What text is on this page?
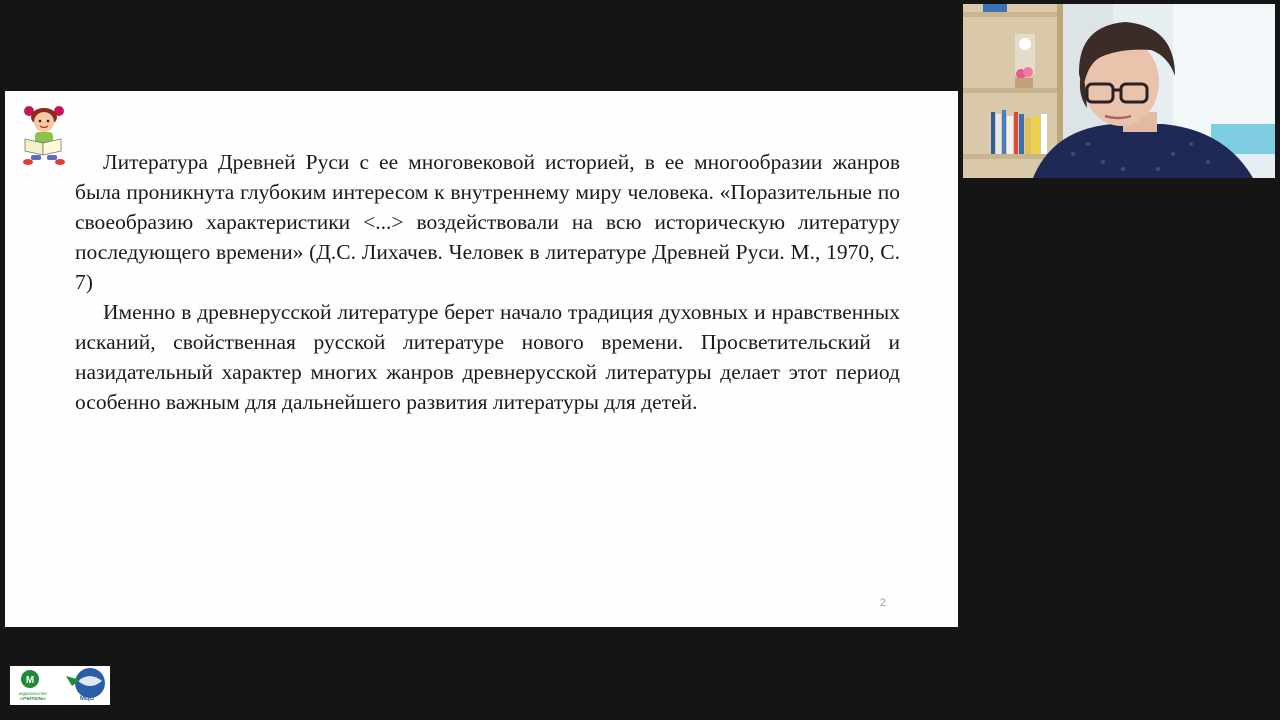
Литература Древней Руси с ее многовековой историей, в ее многообразии жанров была проникнута глубоким интересом к внутреннему миру человека. «Поразительные по своеобразию характеристики <...> воздействовали на всю историческую литературу последующего времени» (Д.С. Лихачев. Человек в литературе Древней Руси. М., 1970, С. 7)

Именно в древнерусской литературе берет начало традиция духовных и нравственных исканий, свойственная русской литературе нового времени. Просветительский и назидательный характер многих жанров древнерусской литературы делает этот период особенно важным для дальнейшего развития литературы для детей.

2
М
издательство
«УЧИТЕЛЬ»	МЦО
